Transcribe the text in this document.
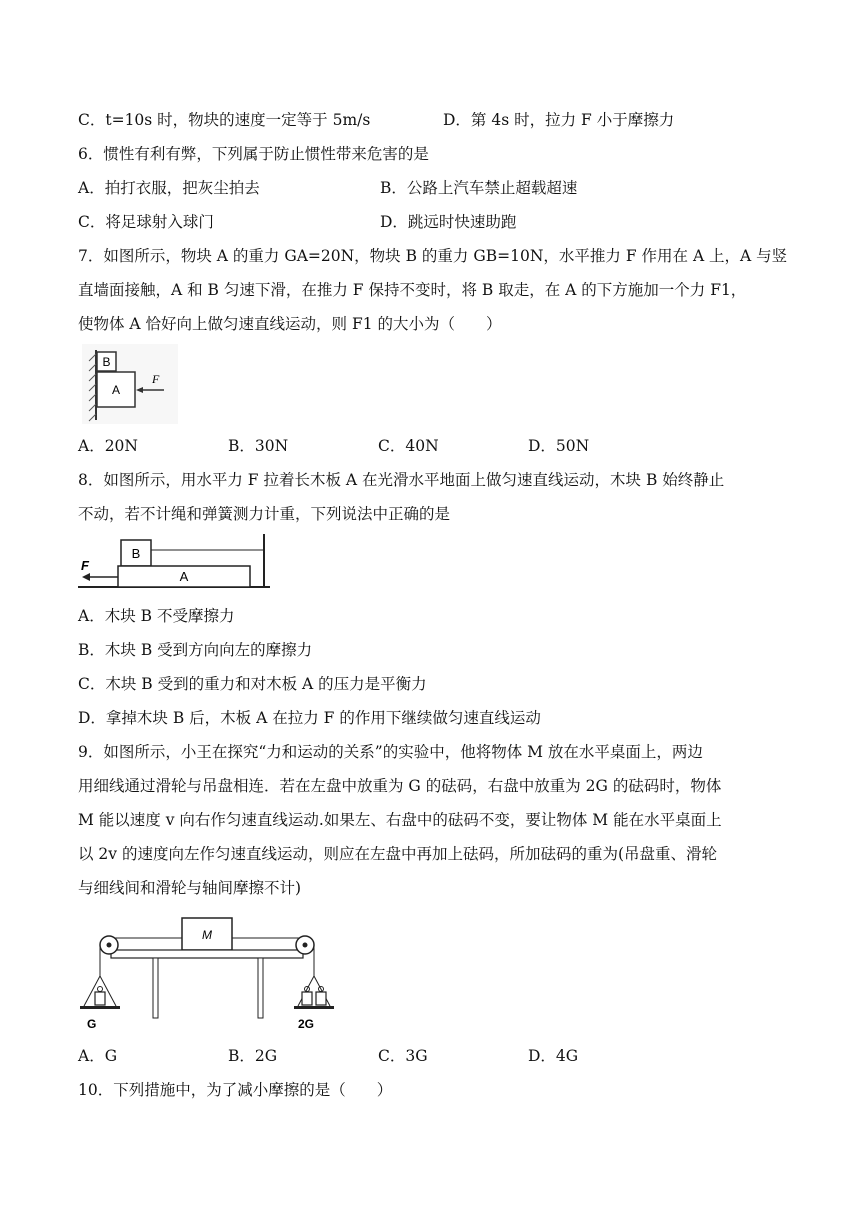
C．t=10s 时，物块的速度一定等于 5m/s	D．第 4s 时，拉力 F 小于摩擦力
6．惯性有利有弊，下列属于防止惯性带来危害的是
A．拍打衣服，把灰尘拍去	B．公路上汽车禁止超载超速
C．将足球射入球门	D．跳远时快速助跑
7．如图所示，物块 A 的重力 GA=20N，物块 B 的重力 GB=10N，水平推力 F 作用在 A 上，A 与竖
直墙面接触，A 和 B 匀速下滑，在推力 F 保持不变时，将 B 取走，在 A 的下方施加一个力 F1，
使物体 A 恰好向上做匀速直线运动，则 F1 的大小为（　　）
B
A
F
A．20N	B．30N	C．40N	D．50N
8．如图所示，用水平力 F 拉着长木板 A 在光滑水平地面上做匀速直线运动，木块 B 始终静止
不动，若不计绳和弹簧测力计重，下列说法中正确的是
B
A
F
A．木块 B 不受摩擦力
B．木块 B 受到方向向左的摩擦力
C．木块 B 受到的重力和对木板 A 的压力是平衡力
D．拿掉木块 B 后，木板 A 在拉力 F 的作用下继续做匀速直线运动
9．如图所示，小王在探究“力和运动的关系”的实验中，他将物体 M 放在水平桌面上，两边
用细线通过滑轮与吊盘相连．若在左盘中放重为 G 的砝码，右盘中放重为 2G 的砝码时，物体
M 能以速度 v 向右作匀速直线运动.如果左、右盘中的砝码不变，要让物体 M 能在水平桌面上
以 2v 的速度向左作匀速直线运动，则应在左盘中再加上砝码，所加砝码的重为(吊盘重、滑轮
与细线间和滑轮与轴间摩擦不计)
M
G	2G
A．G	B．2G	C．3G	D．4G
10．下列措施中，为了减小摩擦的是（　　）
